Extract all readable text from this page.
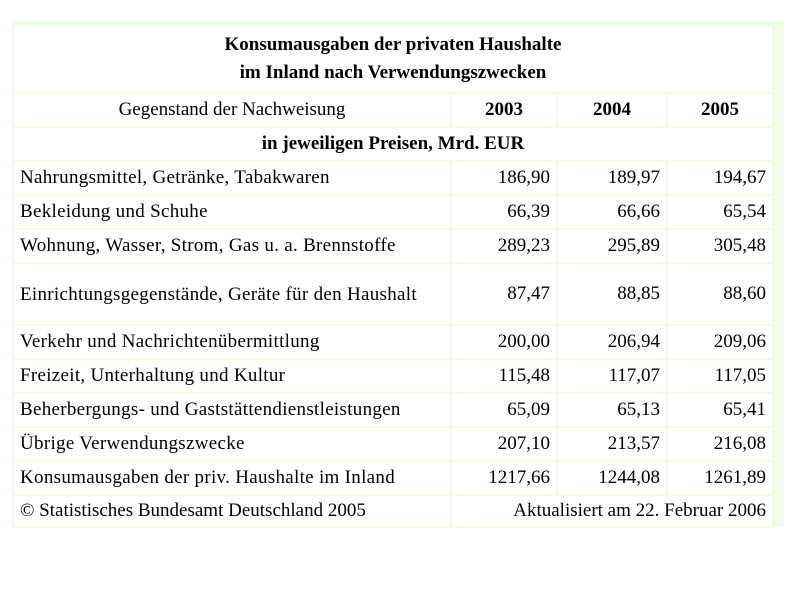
Konsumausgaben der privaten Haushalte
im Inland nach Verwendungszwecken			

Gegenstand der Nachweisung	2003	2004	2005
in jeweiligen Preisen, Mrd. EUR			
Nahrungsmittel, Getränke, Tabakwaren	186,90	189,97	194,67
Bekleidung und Schuhe	66,39	66,66	65,54
Wohnung, Wasser, Strom, Gas u. a. Brennstoffe	289,23	295,89	305,48
Einrichtungsgegenstände, Geräte für den Haushalt	87,47	88,85	88,60
Verkehr und Nachrichtenübermittlung	200,00	206,94	209,06
Freizeit, Unterhaltung und Kultur	115,48	117,07	117,05
Beherbergungs- und Gaststättendienstleistungen	65,09	65,13	65,41
Übrige Verwendungszwecke	207,10	213,57	216,08
Konsumausgaben der priv. Haushalte im Inland	1217,66	1244,08	1261,89
© Statistisches Bundesamt Deutschland 2005	Aktualisiert am 22. Februar 2006		
